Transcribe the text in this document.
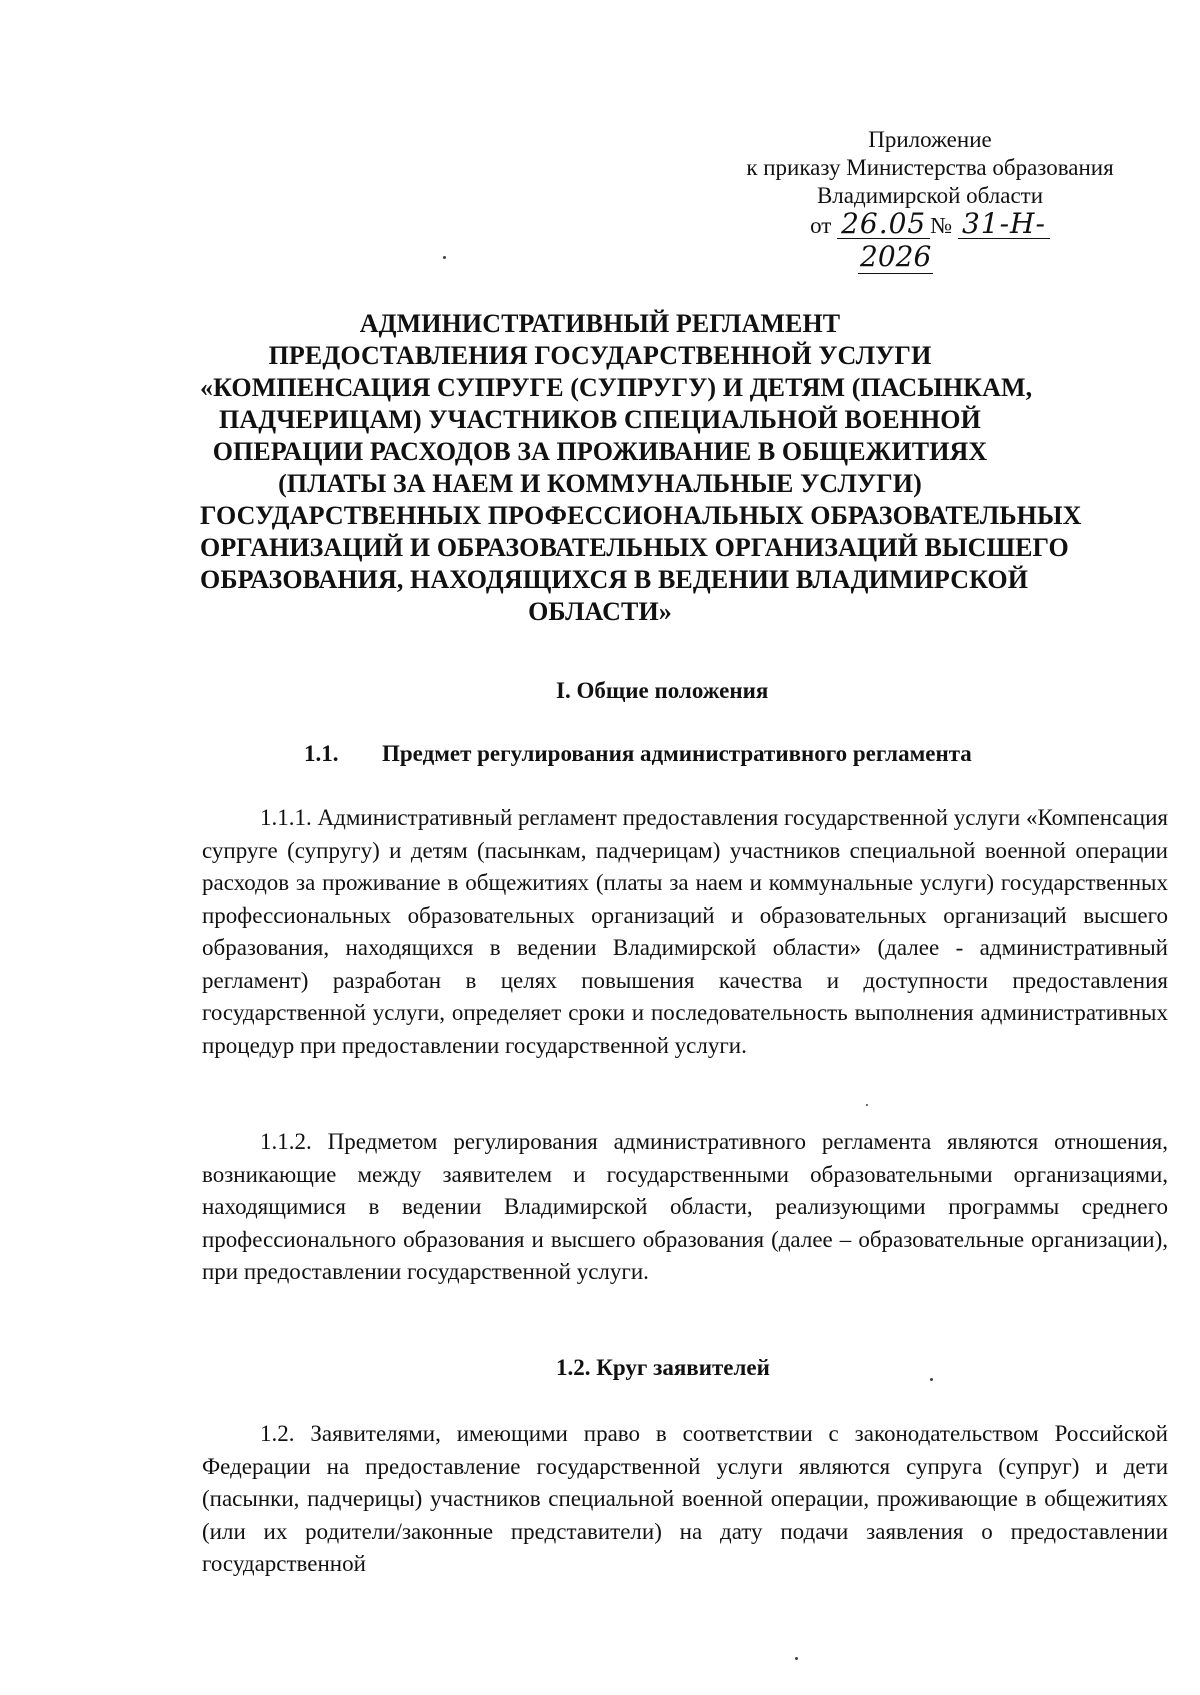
Приложение
к приказу Министерства образования
Владимирской области
от 26.05 № 31-Н-
2026
АДМИНИСТРАТИВНЫЙ РЕГЛАМЕНТ
ПРЕДОСТАВЛЕНИЯ ГОСУДАРСТВЕННОЙ УСЛУГИ
«КОМПЕНСАЦИЯ СУПРУГЕ (СУПРУГУ) И ДЕТЯМ (ПАСЫНКАМ,
ПАДЧЕРИЦАМ) УЧАСТНИКОВ СПЕЦИАЛЬНОЙ ВОЕННОЙ
ОПЕРАЦИИ РАСХОДОВ ЗА ПРОЖИВАНИЕ В ОБЩЕЖИТИЯХ
(ПЛАТЫ ЗА НАЕМ И КОММУНАЛЬНЫЕ УСЛУГИ)
ГОСУДАРСТВЕННЫХ ПРОФЕССИОНАЛЬНЫХ ОБРАЗОВАТЕЛЬНЫХ
ОРГАНИЗАЦИЙ И ОБРАЗОВАТЕЛЬНЫХ ОРГАНИЗАЦИЙ ВЫСШЕГО
ОБРАЗОВАНИЯ, НАХОДЯЩИХСЯ В ВЕДЕНИИ ВЛАДИМИРСКОЙ
ОБЛАСТИ»
I. Общие положения
1.1. Предмет регулирования административного регламента

1.1.1. Административный регламент предоставления государственной услуги «Компенсация супруге (супругу) и детям (пасынкам, падчерицам) участников специальной военной операции расходов за проживание в общежитиях (платы за наем и коммунальные услуги) государственных профессиональных образовательных организаций и образовательных организаций высшего образования, находящихся в ведении Владимирской области» (далее - административный регламент) разработан в целях повышения качества и доступности предоставления государственной услуги, определяет сроки и последовательность выполнения административных процедур при предоставлении государственной услуги.

1.1.2. Предметом регулирования административного регламента являются отношения, возникающие между заявителем и государственными образовательными организациями, находящимися в ведении Владимирской области, реализующими программы среднего профессионального образования и высшего образования (далее – образовательные организации), при предоставлении государственной услуги.

1.2. Круг заявителей

1.2. Заявителями, имеющими право в соответствии с законодательством Российской Федерации на предоставление государственной услуги являются супруга (супруг) и дети (пасынки, падчерицы) участников специальной военной операции, проживающие в общежитиях (или их родители/законные представители) на дату подачи заявления о предоставлении государственной
